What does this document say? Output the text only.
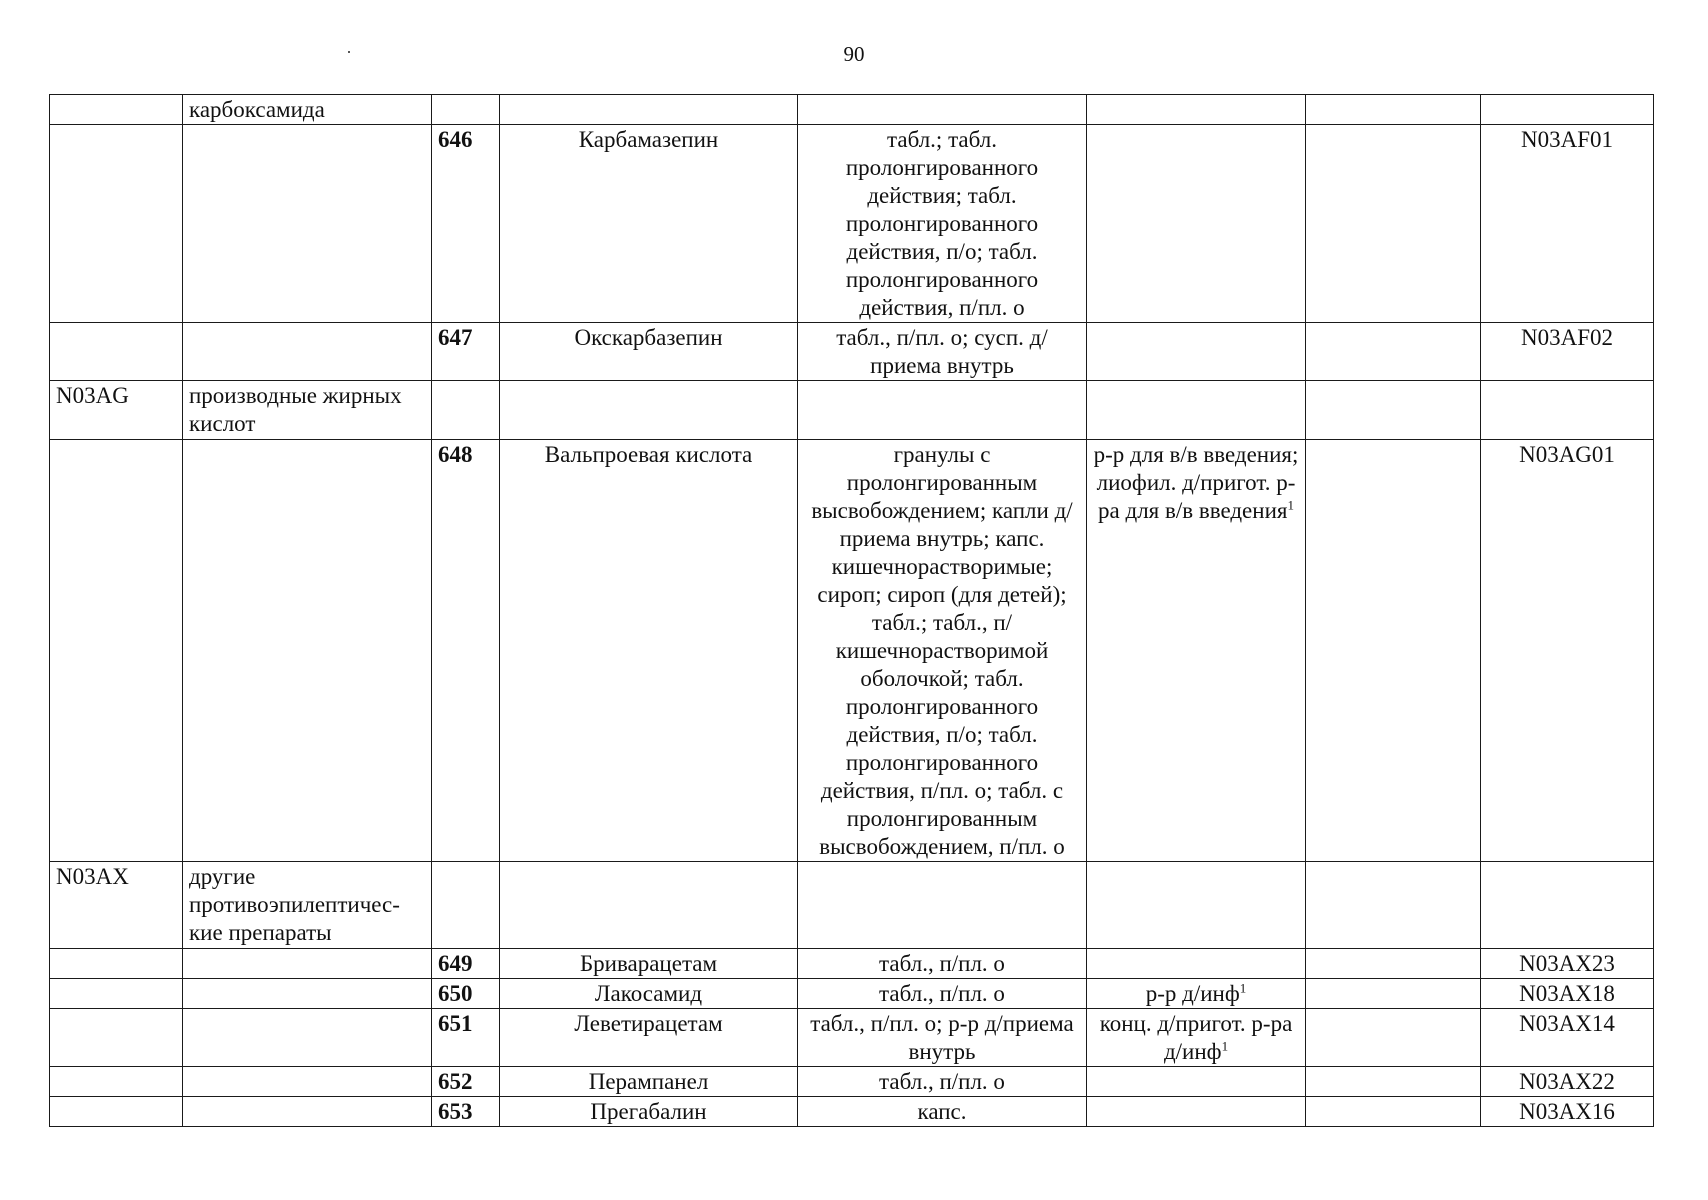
90
	карбоксамида						
		646	Карбамазепин	табл.; табл. пролонгированного действия; табл. пролонгированного действия, п/о; табл. пролонгированного действия, п/пл. о			N03AF01
		647	Окскарбазепин	табл., п/пл. о; сусп. д/приема внутрь			N03AF02
N03AG	производные жирных кислот						
		648	Вальпроевая кислота	гранулы с пролонгированным высвобождением; капли д/приема внутрь; капс. кишечнорастворимые; сироп; сироп (для детей); табл.; табл., п/кишечнорастворимой оболочкой; табл. пролонгированного действия, п/о; табл. пролонгированного действия, п/пл. о; табл. с пролонгированным высвобождением, п/пл. о	р-р для в/в введения; лиофил. д/пригот. р-ра для в/в введения$^1$		N03AG01
N03AX	другие противоэпилептичес-кие препараты						
		649	Бриварацетам	табл., п/пл. о			N03AX23
		650	Лакосамид	табл., п/пл. о	р-р д/инф$^1$		N03AX18
		651	Леветирацетам	табл., п/пл. о; р-р д/приема внутрь	конц. д/пригот. р-ра д/инф$^1$		N03AX14
		652	Перампанел	табл., п/пл. о			N03AX22
		653	Прегабалин	капс.			N03AX16
